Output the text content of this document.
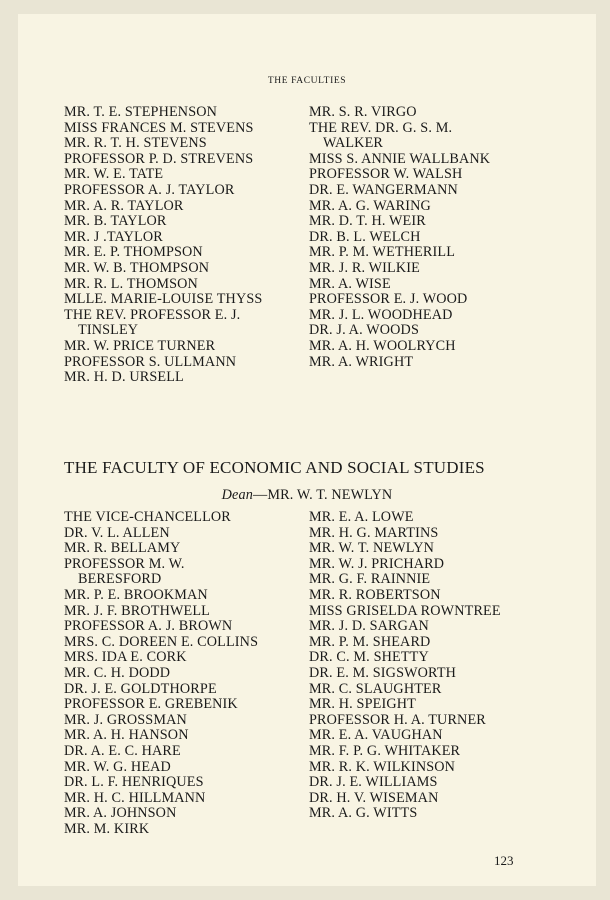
THE FACULTIES
MR. T. E. STEPHENSON
MISS FRANCES M. STEVENS
MR. R. T. H. STEVENS
PROFESSOR P. D. STREVENS
MR. W. E. TATE
PROFESSOR A. J. TAYLOR
MR. A. R. TAYLOR
MR. B. TAYLOR
MR. J .TAYLOR
MR. E. P. THOMPSON
MR. W. B. THOMPSON
MR. R. L. THOMSON
MLLE. MARIE-LOUISE THYSS
THE REV. PROFESSOR E. J.
TINSLEY
MR. W. PRICE TURNER
PROFESSOR S. ULLMANN
MR. H. D. URSELL
MR. S. R. VIRGO
THE REV. DR. G. S. M.
WALKER
MISS S. ANNIE WALLBANK
PROFESSOR W. WALSH
DR. E. WANGERMANN
MR. A. G. WARING
MR. D. T. H. WEIR
DR. B. L. WELCH
MR. P. M. WETHERILL
MR. J. R. WILKIE
MR. A. WISE
PROFESSOR E. J. WOOD
MR. J. L. WOODHEAD
DR. J. A. WOODS
MR. A. H. WOOLRYCH
MR. A. WRIGHT
THE FACULTY OF ECONOMIC AND SOCIAL STUDIES
Dean—MR. W. T. NEWLYN
THE VICE-CHANCELLOR
DR. V. L. ALLEN
MR. R. BELLAMY
PROFESSOR M. W.
BERESFORD
MR. P. E. BROOKMAN
MR. J. F. BROTHWELL
PROFESSOR A. J. BROWN
MRS. C. DOREEN E. COLLINS
MRS. IDA E. CORK
MR. C. H. DODD
DR. J. E. GOLDTHORPE
PROFESSOR E. GREBENIK
MR. J. GROSSMAN
MR. A. H. HANSON
DR. A. E. C. HARE
MR. W. G. HEAD
DR. L. F. HENRIQUES
MR. H. C. HILLMANN
MR. A. JOHNSON
MR. M. KIRK
MR. E. A. LOWE
MR. H. G. MARTINS
MR. W. T. NEWLYN
MR. W. J. PRICHARD
MR. G. F. RAINNIE
MR. R. ROBERTSON
MISS GRISELDA ROWNTREE
MR. J. D. SARGAN
MR. P. M. SHEARD
DR. C. M. SHETTY
DR. E. M. SIGSWORTH
MR. C. SLAUGHTER
MR. H. SPEIGHT
PROFESSOR H. A. TURNER
MR. E. A. VAUGHAN
MR. F. P. G. WHITAKER
MR. R. K. WILKINSON
DR. J. E. WILLIAMS
DR. H. V. WISEMAN
MR. A. G. WITTS
123
